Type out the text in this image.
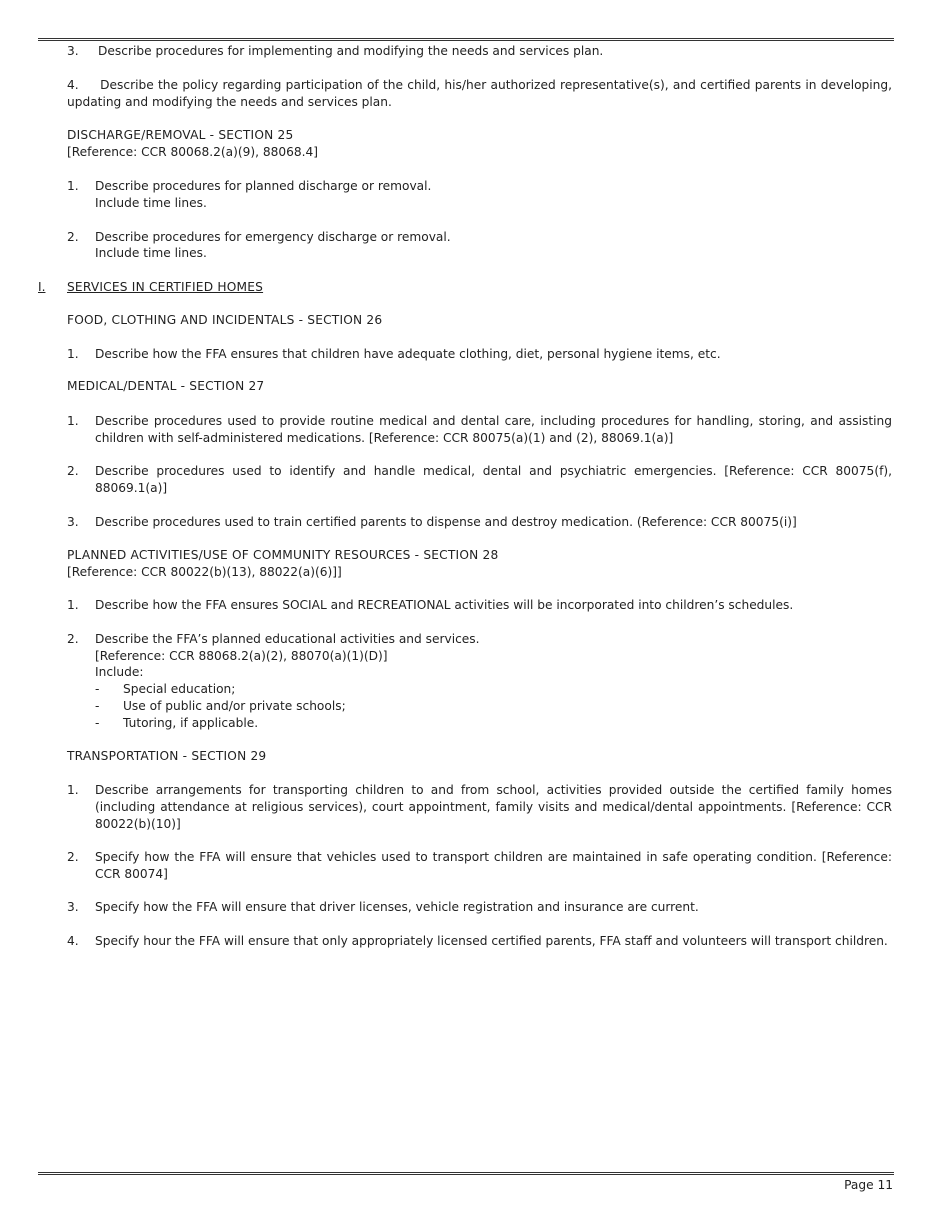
3. Describe procedures for implementing and modifying the needs and services plan.
4. Describe the policy regarding participation of the child, his/her authorized representative(s), and certified parents in developing, updating and modifying the needs and services plan.
DISCHARGE/REMOVAL - SECTION 25
[Reference: CCR 80068.2(a)(9), 88068.4]
1. Describe procedures for planned discharge or removal.
Include time lines.
2. Describe procedures for emergency discharge or removal.
Include time lines.
I. SERVICES IN CERTIFIED HOMES
FOOD, CLOTHING AND INCIDENTALS - SECTION 26
1. Describe how the FFA ensures that children have adequate clothing, diet, personal hygiene items, etc.
MEDICAL/DENTAL - SECTION 27
1. Describe procedures used to provide routine medical and dental care, including procedures for handling, storing, and assisting children with self-administered medications. [Reference: CCR 80075(a)(1) and (2), 88069.1(a)]
2. Describe procedures used to identify and handle medical, dental and psychiatric emergencies. [Reference: CCR 80075(f), 88069.1(a)]
3. Describe procedures used to train certified parents to dispense and destroy medication. (Reference: CCR 80075(i)]
PLANNED ACTIVITIES/USE OF COMMUNITY RESOURCES - SECTION 28
[Reference: CCR 80022(b)(13), 88022(a)(6)]]
1. Describe how the FFA ensures SOCIAL and RECREATIONAL activities will be incorporated into children’s schedules.
2. Describe the FFA’s planned educational activities and services.
[Reference: CCR 88068.2(a)(2), 88070(a)(1)(D)]
Include:
- Special education;
- Use of public and/or private schools;
- Tutoring, if applicable.
TRANSPORTATION - SECTION 29
1. Describe arrangements for transporting children to and from school, activities provided outside the certified family homes (including attendance at religious services), court appointment, family visits and medical/dental appointments. [Reference: CCR 80022(b)(10)]
2. Specify how the FFA will ensure that vehicles used to transport children are maintained in safe operating condition. [Reference: CCR 80074]
3. Specify how the FFA will ensure that driver licenses, vehicle registration and insurance are current.
4. Specify hour the FFA will ensure that only appropriately licensed certified parents, FFA staff and volunteers will transport children.
Page 11
